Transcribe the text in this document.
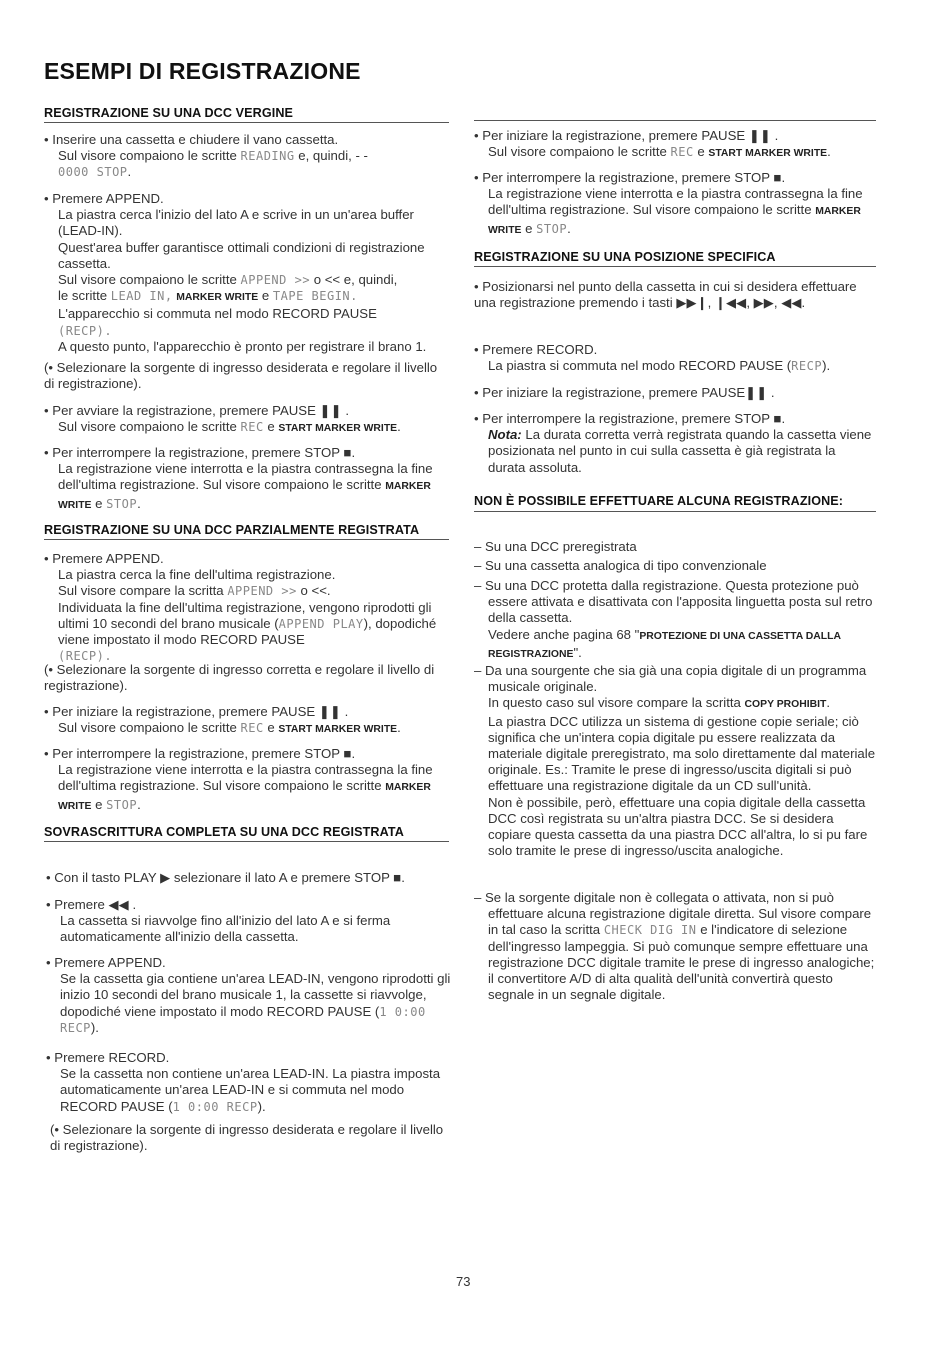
ESEMPI DI REGISTRAZIONE
REGISTRAZIONE SU UNA DCC VERGINE
• Inserire una cassetta e chiudere il vano cassetta.
Sul visore compaiono le scritte READING e, quindi, - -
0000 STOP.
• Premere APPEND.
La piastra cerca l'inizio del lato A e scrive in un un'area buffer (LEAD-IN).
Quest'area buffer garantisce ottimali condizioni di registrazione cassetta.
Sul visore compaiono le scritte APPEND >> o << e, quindi,
le scritte LEAD IN, MARKER WRITE e TAPE BEGIN.
L'apparecchio si commuta nel modo RECORD PAUSE
(RECP).
A questo punto, l'apparecchio è pronto per registrare il brano 1.
(• Selezionare la sorgente di ingresso desiderata e regolare il livello di registrazione).
• Per avviare la registrazione, premere PAUSE ❚❚ .
Sul visore compaiono le scritte REC e START MARKER WRITE.
• Per interrompere la registrazione, premere STOP ■.
La registrazione viene interrotta e la piastra contrassegna la fine dell'ultima registrazione. Sul visore compaiono le scritte MARKER WRITE e STOP.
REGISTRAZIONE SU UNA DCC PARZIALMENTE REGISTRATA
• Premere APPEND.
La piastra cerca la fine dell'ultima registrazione.
Sul visore compare la scritta APPEND >> o <<.
Individuata la fine dell'ultima registrazione, vengono riprodotti gli ultimi 10 secondi del brano musicale (APPEND PLAY), dopodiché viene impostato il modo RECORD PAUSE
(RECP).
(• Selezionare la sorgente di ingresso corretta e regolare il livello di registrazione).
• Per iniziare la registrazione, premere PAUSE ❚❚ .
Sul visore compaiono le scritte REC e START MARKER WRITE.
• Per interrompere la registrazione, premere STOP ■.
La registrazione viene interrotta e la piastra contrassegna la fine dell'ultima registrazione. Sul visore compaiono le scritte MARKER WRITE e STOP.
SOVRASCRITTURA COMPLETA SU UNA DCC REGISTRATA
• Con il tasto PLAY ▶ selezionare il lato A e premere STOP ■.
• Premere ◀◀ .
La cassetta si riavvolge fino all'inizio del lato A e si ferma automaticamente all'inizio della cassetta.
• Premere APPEND.
Se la cassetta gia contiene un'area LEAD-IN, vengono riprodotti gli inizio 10 secondi del brano musicale 1, la cassette si riavvolge, dopodiché viene impostato il modo RECORD PAUSE (1 0:00 RECP).
• Premere RECORD.
Se la cassetta non contiene un'area LEAD-IN. La piastra imposta automaticamente un'area LEAD-IN e si commuta nel modo RECORD PAUSE (1 0:00 RECP).
(• Selezionare la sorgente di ingresso desiderata e regolare il livello di registrazione).
• Per iniziare la registrazione, premere PAUSE ❚❚ .
Sul visore compaiono le scritte REC e START MARKER WRITE.
• Per interrompere la registrazione, premere STOP ■.
La registrazione viene interrotta e la piastra contrassegna la fine dell'ultima registrazione. Sul visore compaiono le scritte MARKER WRITE e STOP.
REGISTRAZIONE SU UNA POSIZIONE SPECIFICA
• Posizionarsi nel punto della cassetta in cui si desidera effettuare una registrazione premendo i tasti ▶▶❙, ❙◀◀, ▶▶, ◀◀.
• Premere RECORD.
La piastra si commuta nel modo RECORD PAUSE (RECP).
• Per iniziare la registrazione, premere PAUSE❚❚ .
• Per interrompere la registrazione, premere STOP ■.
Nota: La durata corretta verrà registrata quando la cassetta viene posizionata nel punto in cui sulla cassetta è già registrata la durata assoluta.
NON È POSSIBILE EFFETTUARE ALCUNA REGISTRAZIONE:
– Su una DCC preregistrata
– Su una cassetta analogica di tipo convenzionale
– Su una DCC protetta dalla registrazione. Questa protezione può essere attivata e disattivata con l'apposita linguetta posta sul retro della cassetta.
Vedere anche pagina 68 "PROTEZIONE DI UNA CASSETTA DALLA REGISTRAZIONE".
– Da una sourgente che sia già una copia digitale di un programma musicale originale.
In questo caso sul visore compare la scritta COPY PROHIBIT.
La piastra DCC utilizza un sistema di gestione copie seriale; ciò significa che un'intera copia digitale pu essere realizzata da materiale digitale preregistrato, ma solo direttamente dal materiale originale. Es.: Tramite le prese di ingresso/uscita digitali si può effettuare una registrazione digitale da un CD sull'unità.
Non è possibile, però, effettuare una copia digitale della cassetta DCC così registrata su un'altra piastra DCC. Se si desidera copiare questa cassetta da una piastra DCC all'altra, lo si pu fare solo tramite le prese di ingresso/uscita analogiche.
– Se la sorgente digitale non è collegata o attivata, non si può effettuare alcuna registrazione digitale diretta. Sul visore compare in tal caso la scritta CHECK DIG IN e l'indicatore di selezione dell'ingresso lampeggia. Si può comunque sempre effettuare una registrazione DCC digitale tramite le prese di ingresso analogiche; il convertitore A/D di alta qualità dell'unità convertirà questo segnale in un segnale digitale.
73
